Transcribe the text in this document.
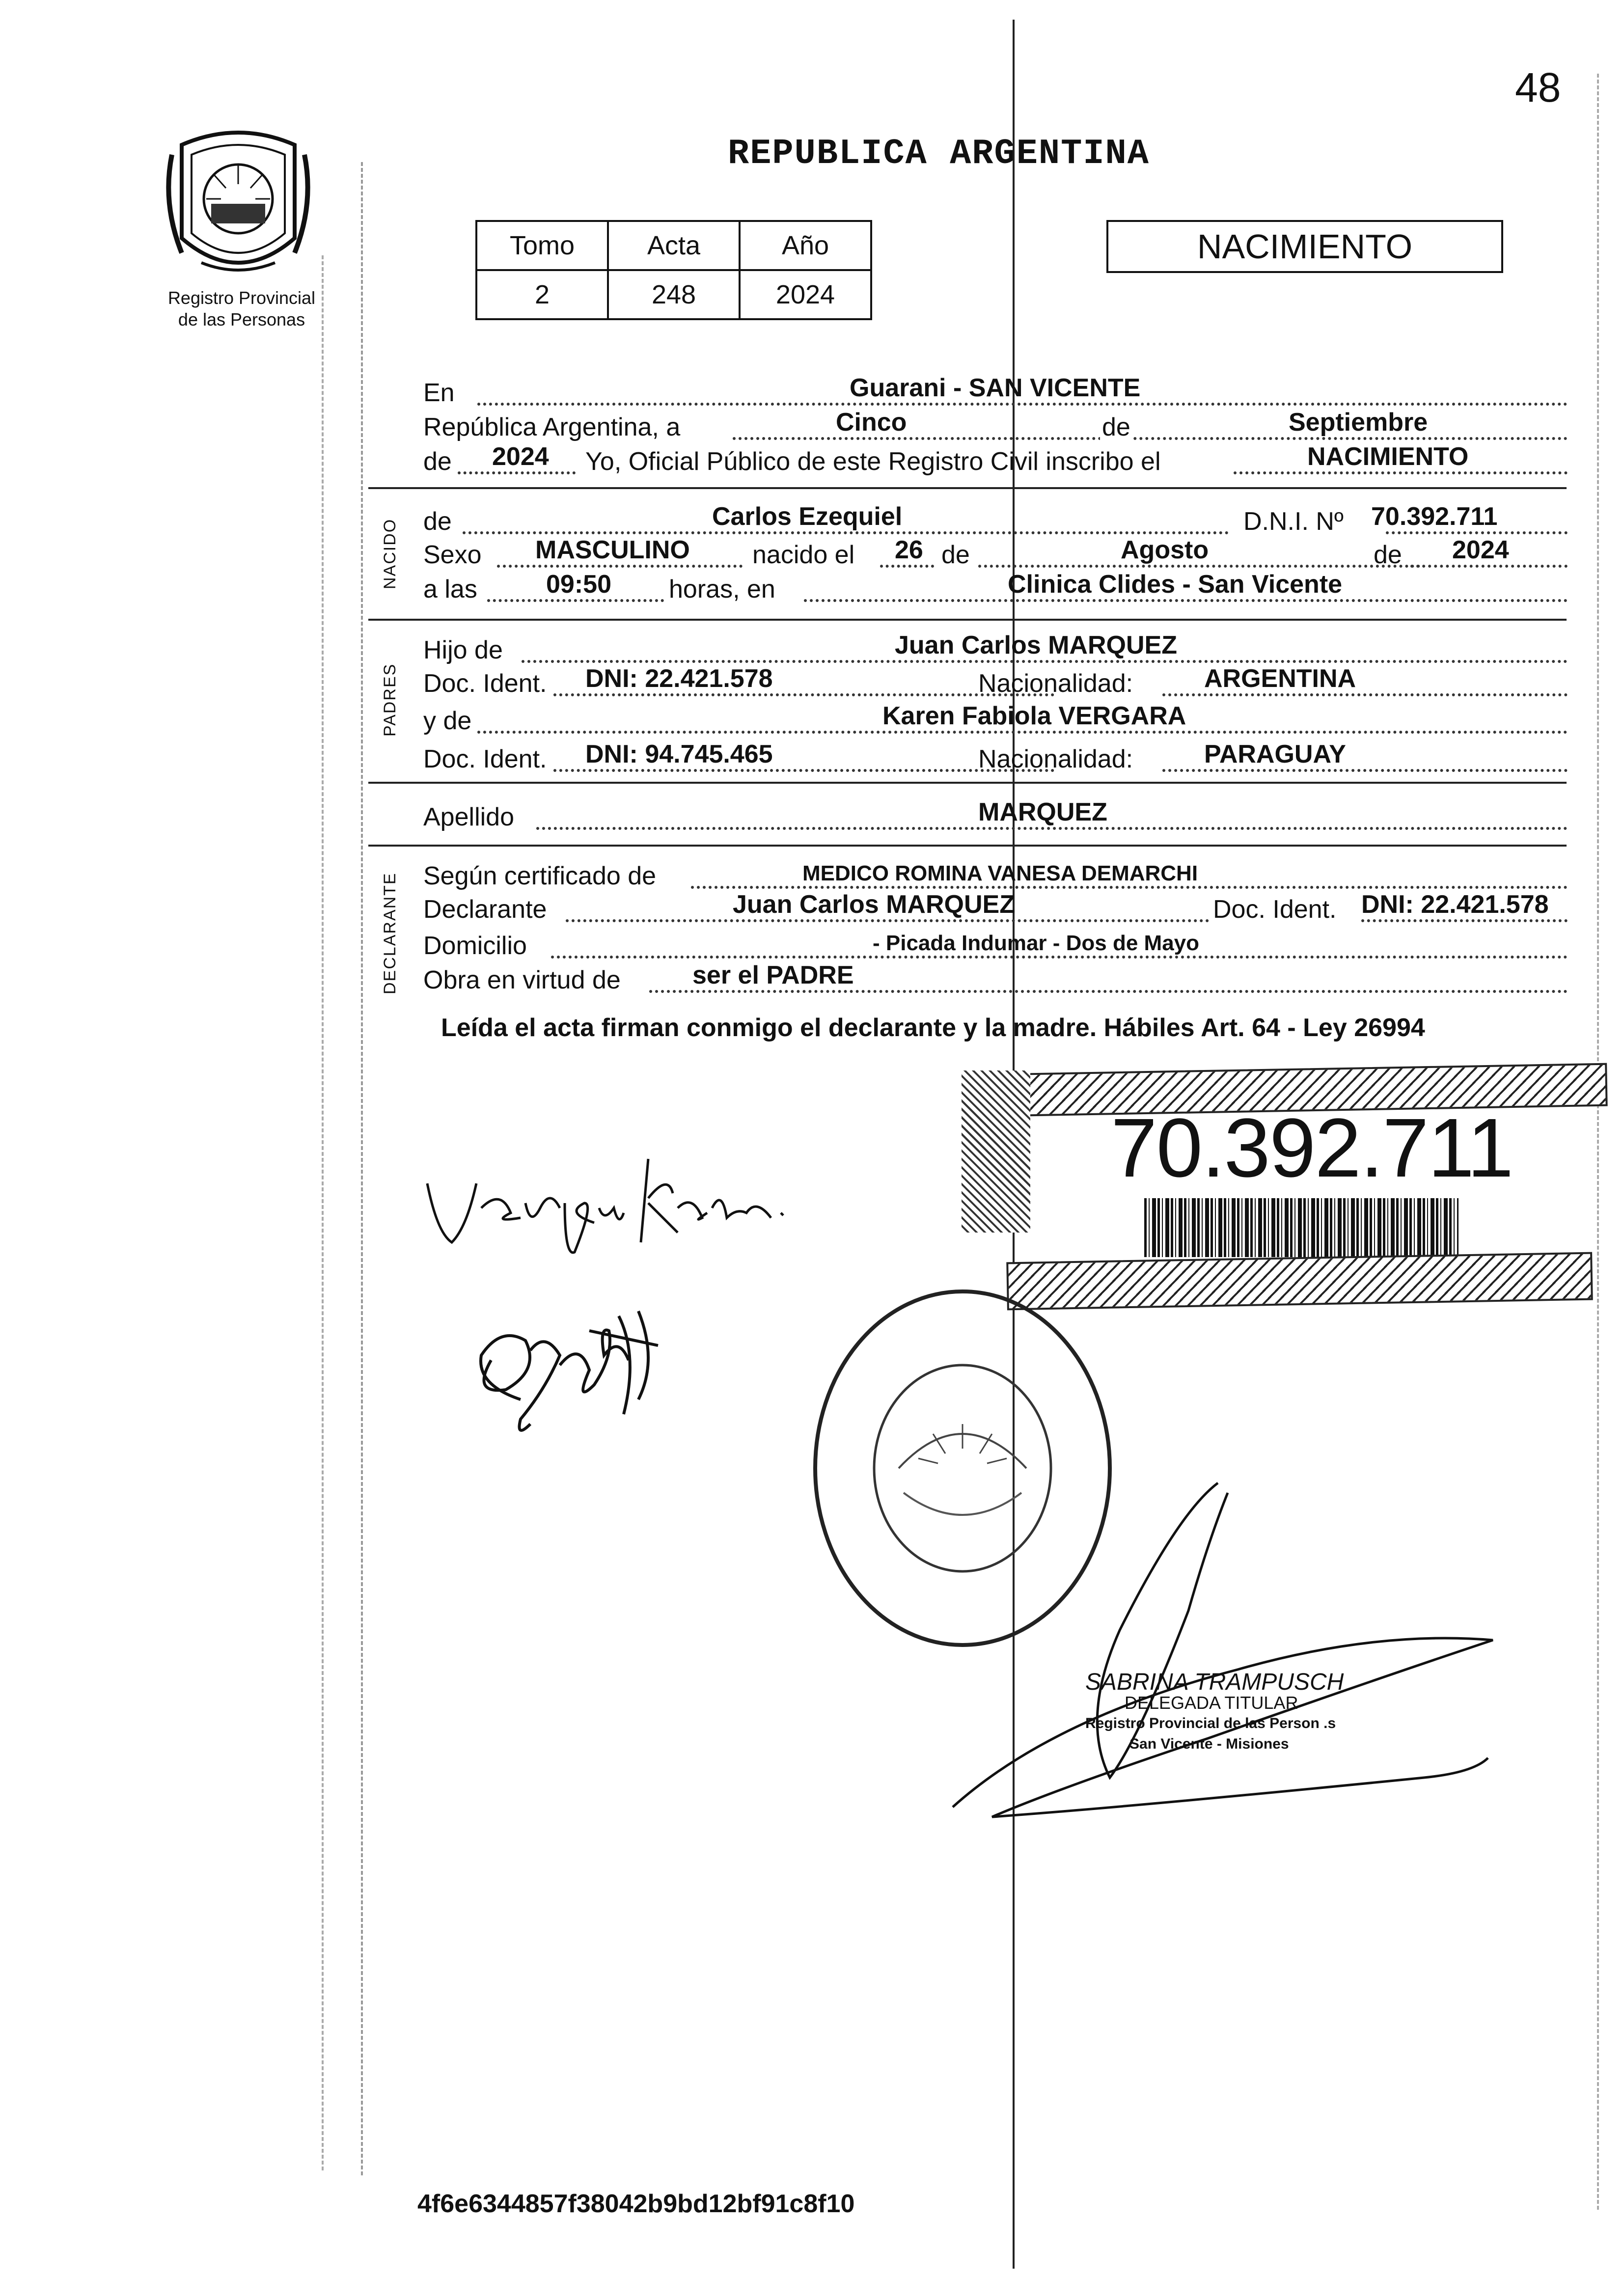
48
Registro Provincial
de las Personas
REPUBLICA ARGENTINA
Tomo	Acta	Año
2	248	2024
NACIMIENTO
NACIDO
PADRES
DECLARANTE
En	Guarani - SAN VICENTE
República Argentina, a	Cinco	de	Septiembre
de 2024 Yo, Oficial Público de este Registro Civil inscribo el	NACIMIENTO
de	Carlos Ezequiel	D.N.I. Nº 70.392.711
Sexo MASCULINO nacido el 26 de	Agosto	de 2024
a las	09:50 horas, en	Clinica Clides - San Vicente
Hijo de	Juan Carlos MARQUEZ
Doc. Ident. DNI: 22.421.578	Nacionalidad:	ARGENTINA
y de	Karen Fabiola VERGARA
Doc. Ident. DNI: 94.745.465	Nacionalidad:	PARAGUAY
Apellido	MARQUEZ
Según certificado de	MEDICO ROMINA VANESA DEMARCHI
Declarante	Juan Carlos MARQUEZ	Doc. Ident. DNI: 22.421.578
Domicilio	- Picada Indumar - Dos de Mayo
Obra en virtud de	ser el PADRE
Leída el acta firman conmigo el declarante y la madre. Hábiles Art. 64 - Ley 26994
70.392.711
SABRINA TRAMPUSCH
DELEGADA TITULAR
Registro Provincial de las Person .s
San Vicente - Misiones
4f6e6344857f38042b9bd12bf91c8f10
